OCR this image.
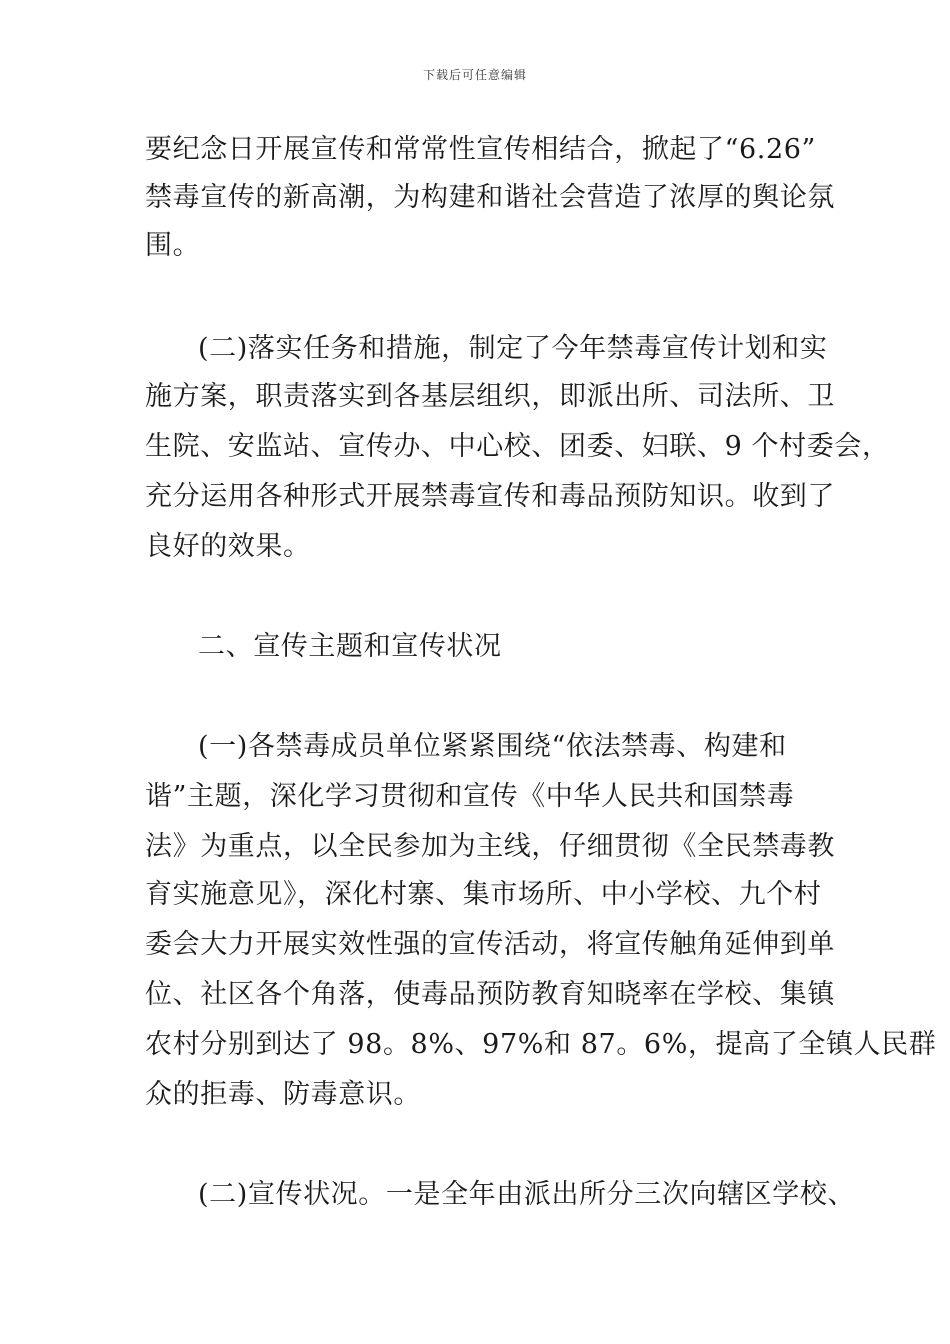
下载后可任意编辑
要纪念日开展宣传和常常性宣传相结合，掀起了“6.26”
禁毒宣传的新高潮，为构建和谐社会营造了浓厚的舆论氛
围。
(二)落实任务和措施，制定了今年禁毒宣传计划和实
施方案，职责落实到各基层组织，即派出所、司法所、卫
生院、安监站、宣传办、中心校、团委、妇联、9 个村委会，
充分运用各种形式开展禁毒宣传和毒品预防知识。收到了
良好的效果。
二、宣传主题和宣传状况
(一)各禁毒成员单位紧紧围绕“依法禁毒、构建和
谐”主题，深化学习贯彻和宣传《中华人民共和国禁毒
法》为重点，以全民参加为主线，仔细贯彻《全民禁毒教
育实施意见》，深化村寨、集市场所、中小学校、九个村
委会大力开展实效性强的宣传活动，将宣传触角延伸到单
位、社区各个角落，使毒品预防教育知晓率在学校、集镇
农村分别到达了 98。8%、97%和 87。6%，提高了全镇人民群
众的拒毒、防毒意识。
(二)宣传状况。一是全年由派出所分三次向辖区学校、
